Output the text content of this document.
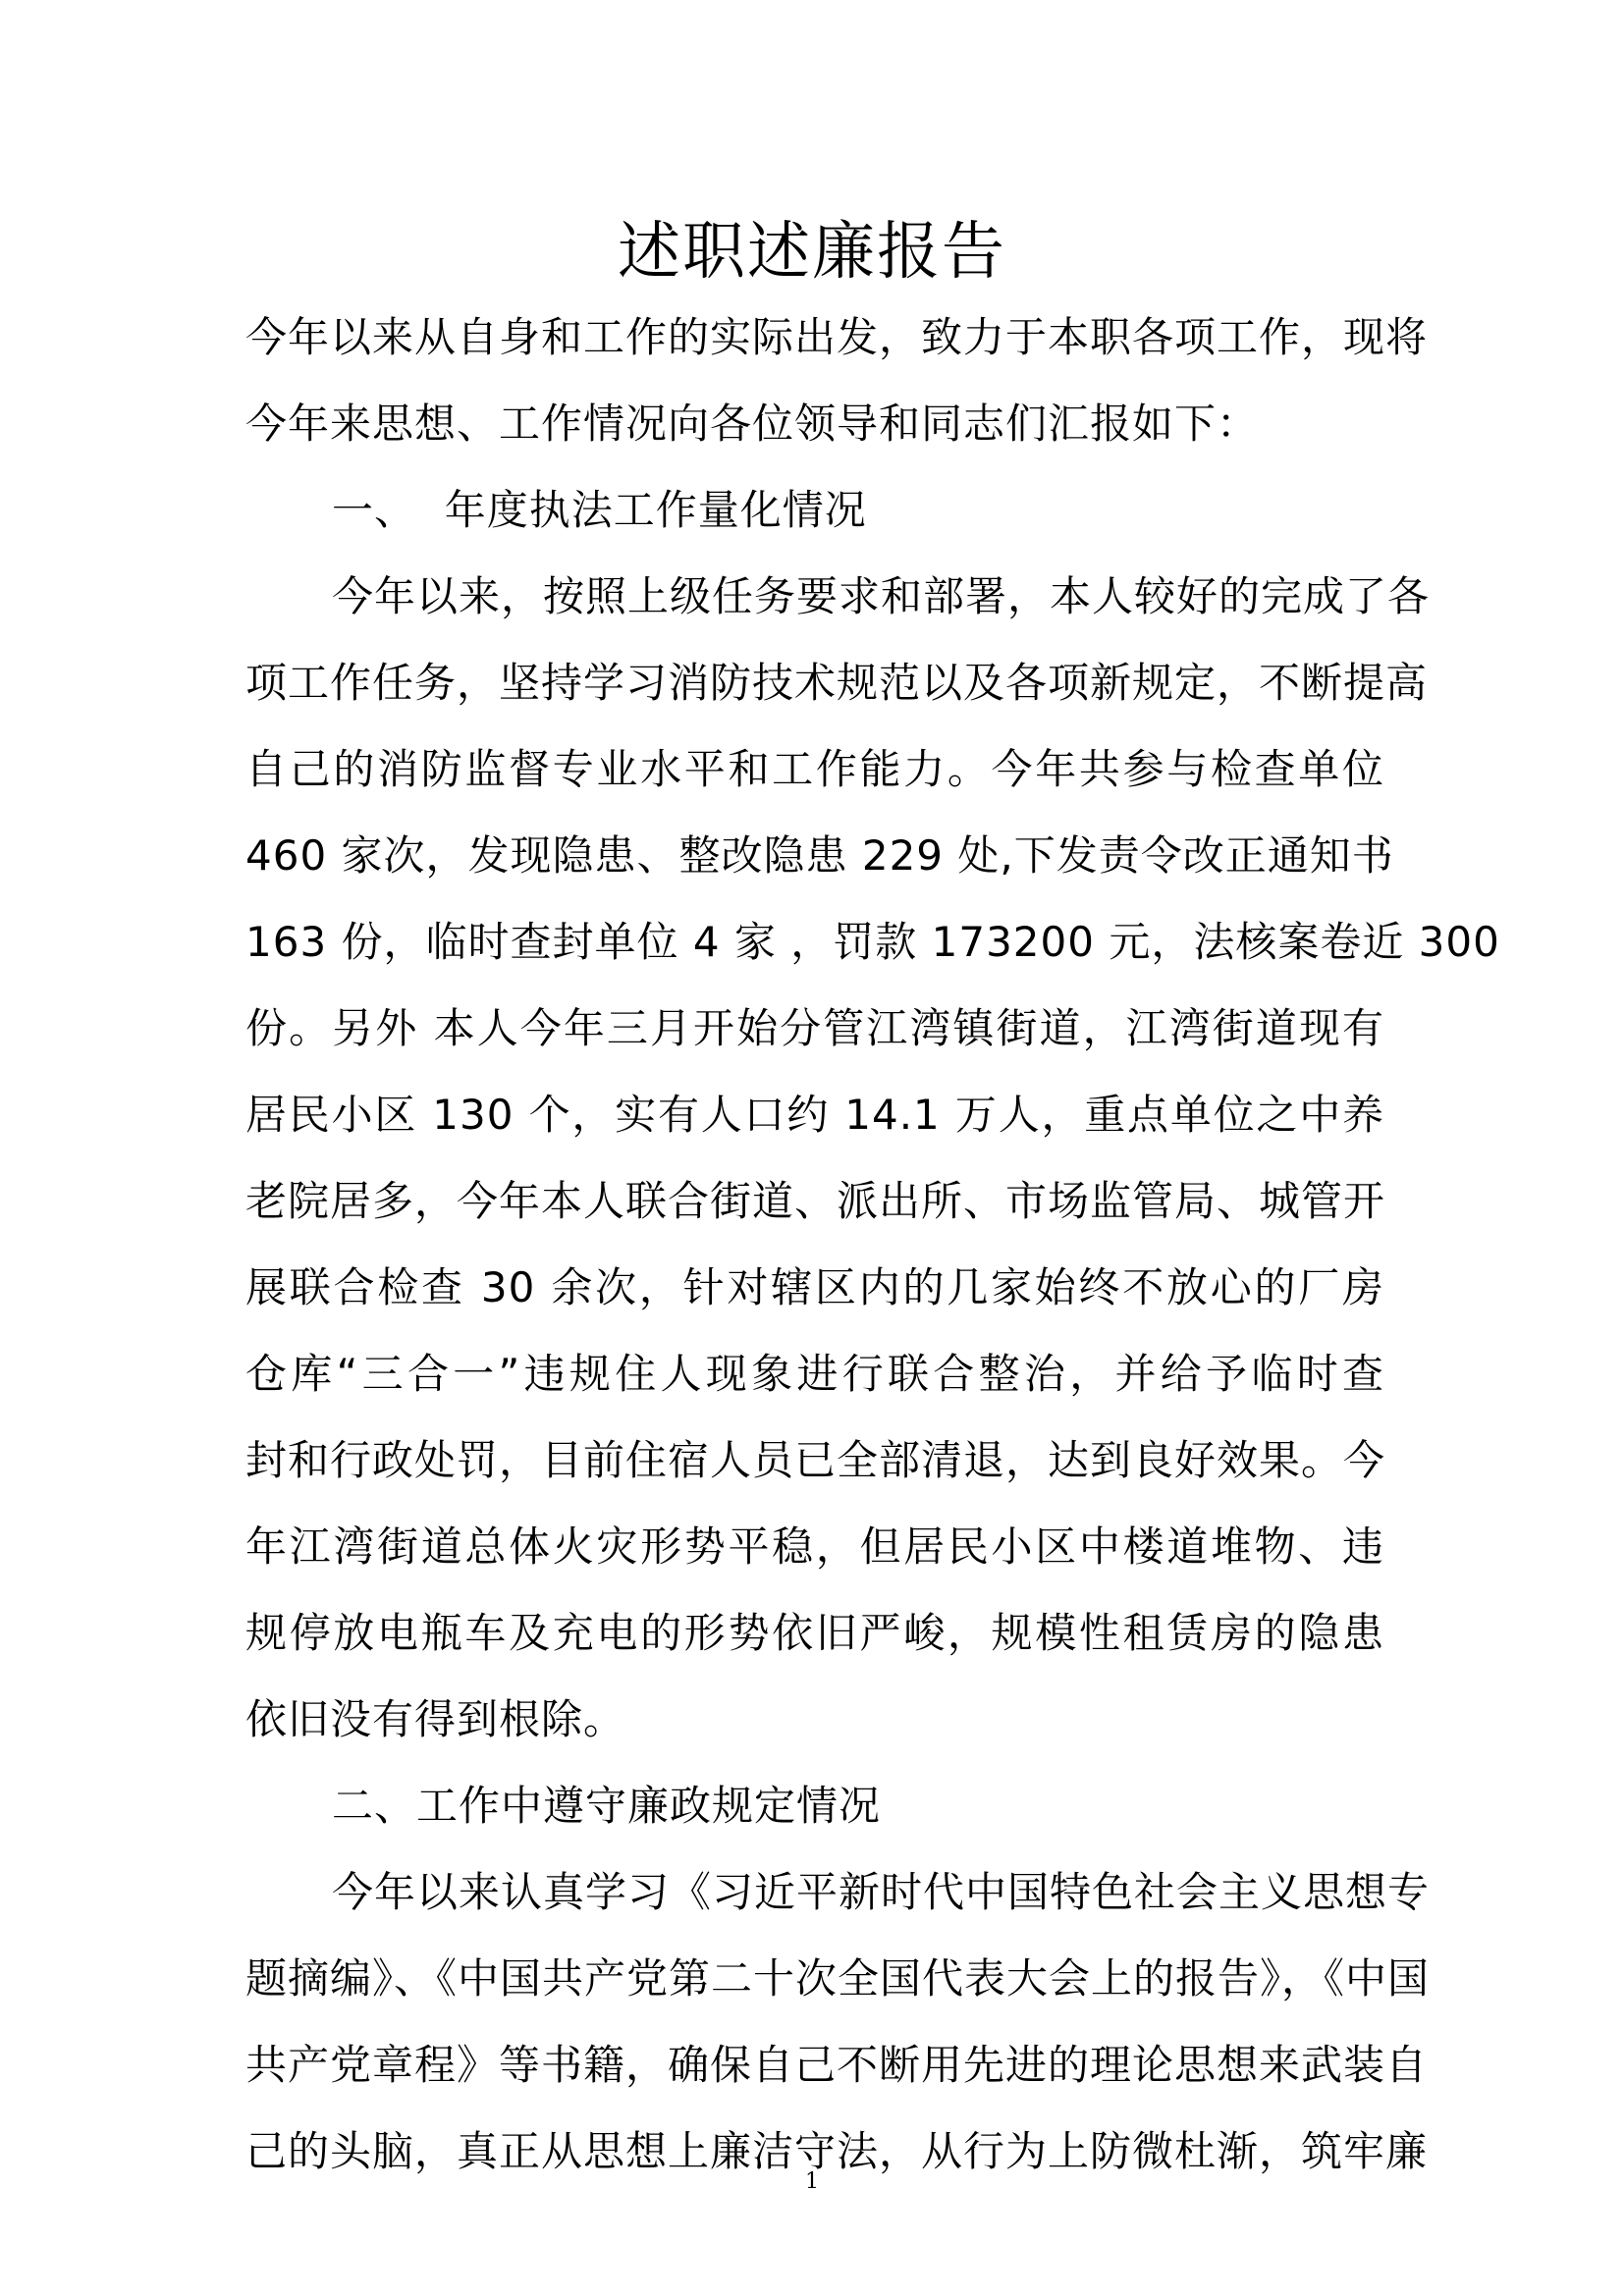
述职述廉报告
今年以来从自身和工作的实际出发，致力于本职各项工作，现将
今年来思想、工作情况向各位领导和同志们汇报如下：
一、  年度执法工作量化情况
今年以来，按照上级任务要求和部署，本人较好的完成了各
项工作任务，坚持学习消防技术规范以及各项新规定，不断提高
自己的消防监督专业水平和工作能力。今年共参与检查单位
460 家次，发现隐患、整改隐患 229 处,下发责令改正通知书
163 份，临时查封单位 4 家 ，罚款 173200 元，法核案卷近 300
份。另外 本人今年三月开始分管江湾镇街道，江湾街道现有
居民小区 130 个，实有人口约 14.1 万人，重点单位之中养
老院居多，今年本人联合街道、派出所、市场监管局、城管开
展联合检查 30 余次，针对辖区内的几家始终不放心的厂房
仓库“三合一”违规住人现象进行联合整治，并给予临时查
封和行政处罚，目前住宿人员已全部清退，达到良好效果。今
年江湾街道总体火灾形势平稳，但居民小区中楼道堆物、违
规停放电瓶车及充电的形势依旧严峻，规模性租赁房的隐患
依旧没有得到根除。
二、工作中遵守廉政规定情况
今年以来认真学习《习近平新时代中国特色社会主义思想专
题摘编》、《中国共产党第二十次全国代表大会上的报告》，《中国
共产党章程》等书籍，确保自己不断用先进的理论思想来武装自
己的头脑，真正从思想上廉洁守法，从行为上防微杜渐，筑牢廉
1
